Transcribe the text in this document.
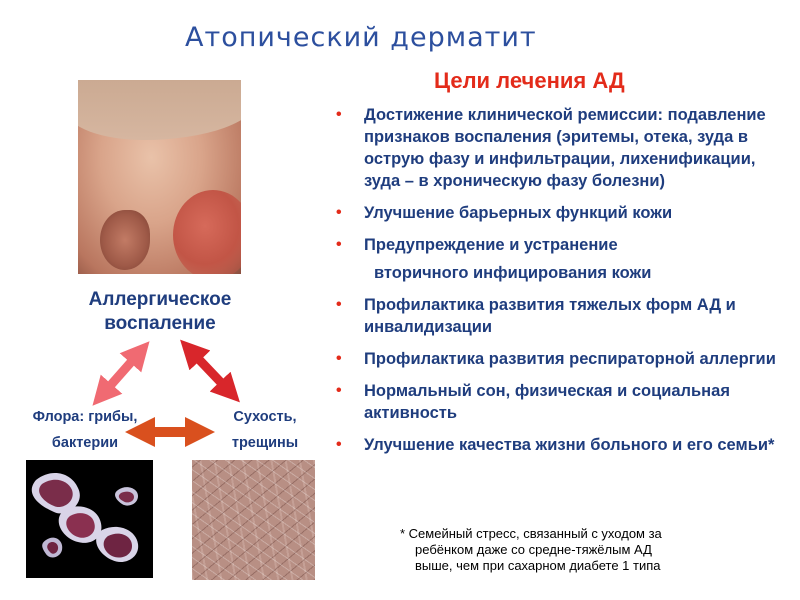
Атопический дерматит
Цели лечения АД
• Достижение клинической ремиссии: подавление признаков воспаления (эритемы, отека, зуда в острую фазу и инфильтрации, лихенификации, зуда – в хроническую фазу болезни)
• Улучшение барьерных функций кожи
• Предупреждение и устранение
вторичного инфицирования кожи
• Профилактика развития тяжелых форм АД и инвалидизации
• Профилактика развития респираторной аллергии
• Нормальный сон, физическая и социальная активность
• Улучшение качества жизни больного и его семьи*
* Семейный стресс, связанный с уходом за
ребёнком даже со средне-тяжёлым АД
выше, чем при сахарном диабете 1 типа
Аллергическое воспаление
Флора: грибы,
бактерии
Сухость,
трещины
